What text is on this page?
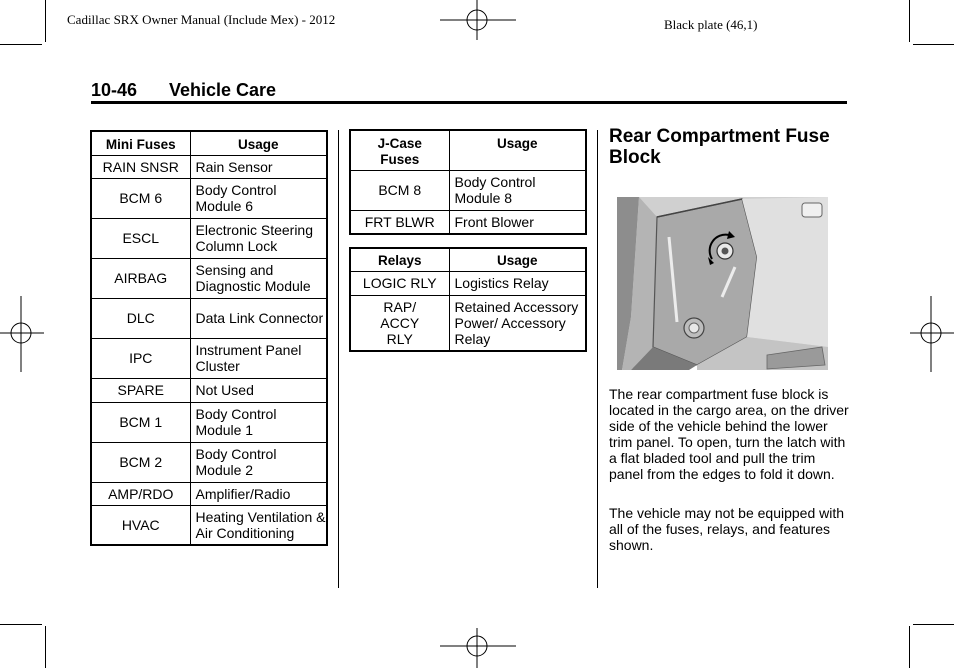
Cadillac SRX Owner Manual (Include Mex) - 2012	Black plate (46,1)
10-46 Vehicle Care
Mini Fuses	Usage
RAIN SNSR	Rain Sensor
BCM 6	Body Control Module 6
ESCL	Electronic Steering Column Lock
AIRBAG	Sensing and Diagnostic Module
DLC	Data Link Connector
IPC	Instrument Panel Cluster
SPARE	Not Used
BCM 1	Body Control Module 1
BCM 2	Body Control Module 2
AMP/RDO	Amplifier/Radio
HVAC	Heating Ventilation & Air Conditioning
J-Case Fuses	Usage
BCM 8	Body Control Module 8
FRT BLWR	Front Blower
Relays	Usage
LOGIC RLY	Logistics Relay
RAP/ ACCY RLY	Retained Accessory Power/ Accessory Relay
Rear Compartment Fuse Block
The rear compartment fuse block is located in the cargo area, on the driver side of the vehicle behind the lower trim panel. To open, turn the latch with a flat bladed tool and pull the trim panel from the edges to fold it down.
The vehicle may not be equipped with all of the fuses, relays, and features shown.
